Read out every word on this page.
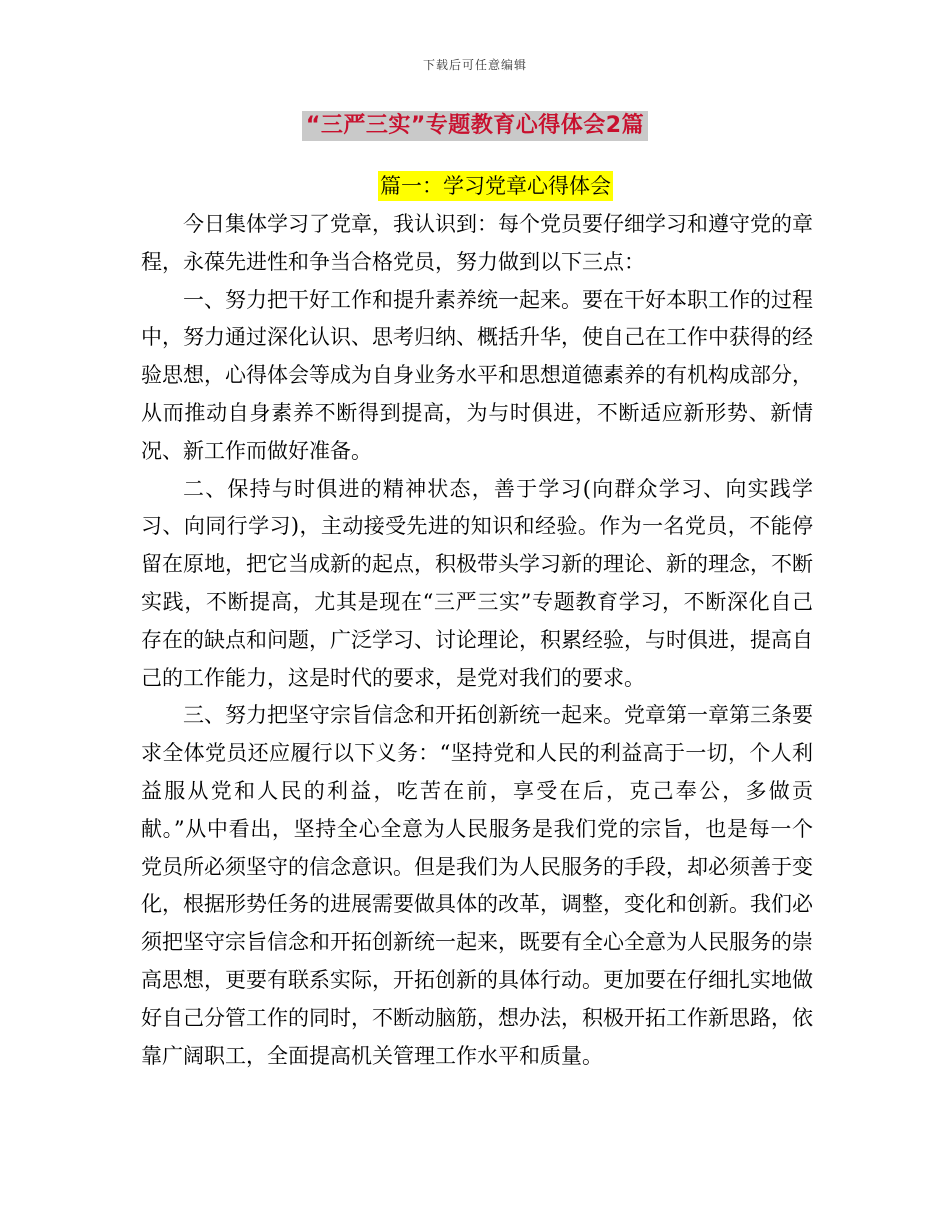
下载后可任意编辑
“三严三实”专题教育心得体会2篇
篇一：学习党章心得体会

今日集体学习了党章，我认识到：每个党员要仔细学习和遵守党的章程，永葆先进性和争当合格党员，努力做到以下三点：

一、努力把干好工作和提升素养统一起来。要在干好本职工作的过程中，努力通过深化认识、思考归纳、概括升华，使自己在工作中获得的经验思想，心得体会等成为自身业务水平和思想道德素养的有机构成部分，从而推动自身素养不断得到提高，为与时俱进，不断适应新形势、新情况、新工作而做好准备。

二、保持与时俱进的精神状态，善于学习(向群众学习、向实践学习、向同行学习)，主动接受先进的知识和经验。作为一名党员，不能停留在原地，把它当成新的起点，积极带头学习新的理论、新的理念，不断实践，不断提高，尤其是现在“三严三实”专题教育学习，不断深化自己存在的缺点和问题，广泛学习、讨论理论，积累经验，与时俱进，提高自己的工作能力，这是时代的要求，是党对我们的要求。

三、努力把坚守宗旨信念和开拓创新统一起来。党章第一章第三条要求全体党员还应履行以下义务：“坚持党和人民的利益高于一切，个人利益服从党和人民的利益，吃苦在前，享受在后，克己奉公，多做贡献。”从中看出，坚持全心全意为人民服务是我们党的宗旨，也是每一个党员所必须坚守的信念意识。但是我们为人民服务的手段，却必须善于变化，根据形势任务的进展需要做具体的改革，调整，变化和创新。我们必须把坚守宗旨信念和开拓创新统一起来，既要有全心全意为人民服务的崇高思想，更要有联系实际，开拓创新的具体行动。更加要在仔细扎实地做好自己分管工作的同时，不断动脑筋，想办法，积极开拓工作新思路，依靠广阔职工，全面提高机关管理工作水平和质量。
